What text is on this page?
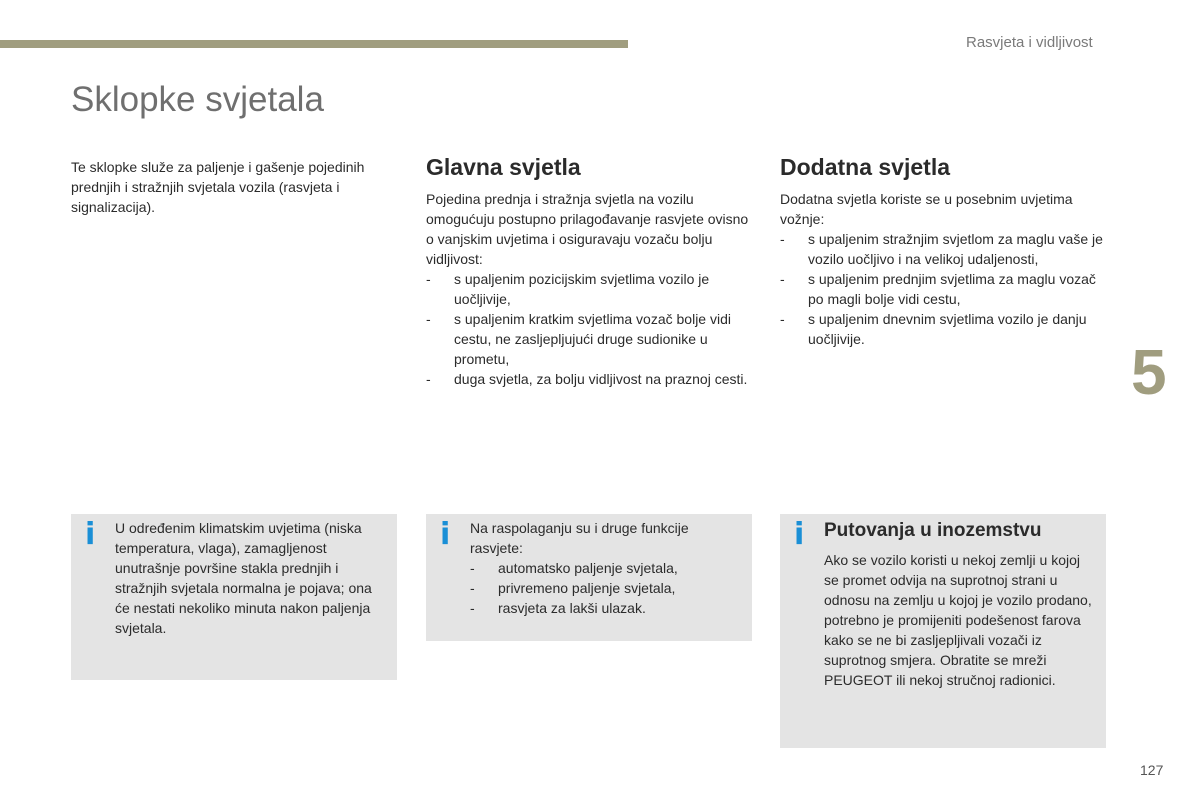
Rasvjeta i vidljivost
Sklopke svjetala
5

Te sklopke služe za paljenje i gašenje pojedinih prednjih i stražnjih svjetala vozila (rasvjeta i signalizacija).

Glavna svjetla

Pojedina prednja i stražnja svjetla na vozilu omogućuju postupno prilagođavanje rasvjete ovisno o vanjskim uvjetima i osiguravaju vozaču bolju vidljivost:

- s upaljenim pozicijskim svjetlima vozilo je uočljivije,
- s upaljenim kratkim svjetlima vozač bolje vidi cestu, ne zasljepljujući druge sudionike u prometu,
- duga svjetla, za bolju vidljivost na praznoj cesti.
Dodatna svjetla

Dodatna svjetla koriste se u posebnim uvjetima vožnje:

- s upaljenim stražnjim svjetlom za maglu vaše je vozilo uočljivo i na velikoj udaljenosti,
- s upaljenim prednjim svjetlima za maglu vozač po magli bolje vidi cestu,
- s upaljenim dnevnim svjetlima vozilo je danju uočljivije.
i U određenim klimatskim uvjetima (niska temperatura, vlaga), zamagljenost unutrašnje površine stakla prednjih i stražnjih svjetala normalna je pojava; ona će nestati nekoliko minuta nakon paljenja svjetala.

i Na raspolaganju su i druge funkcije rasvjete:

- automatsko paljenje svjetala,
- privremeno paljenje svjetala,
- rasvjeta za lakši ulazak.
i Putovanja u inozemstvu

Ako se vozilo koristi u nekoj zemlji u kojoj se promet odvija na suprotnoj strani u odnosu na zemlju u kojoj je vozilo prodano, potrebno je promijeniti podešenost farova kako se ne bi zasljepljivali vozači iz suprotnog smjera. Obratite se mreži PEUGEOT ili nekoj stručnoj radionici.

127
